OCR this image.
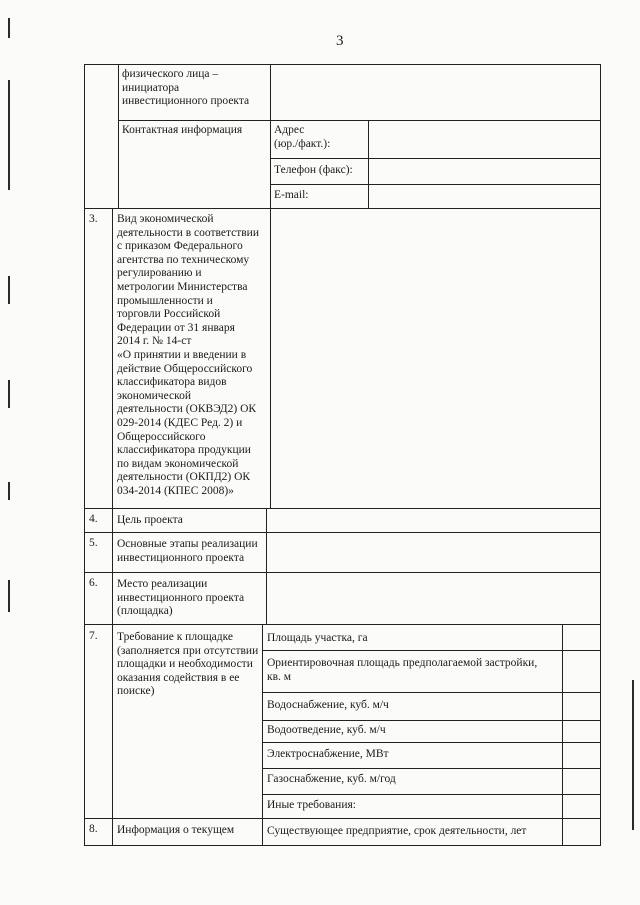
3
физического лица –
инициатора
инвестиционного проекта
Контактная информация	Адрес
(юр./факт.):
Телефон (факс):
E-mail:
3. Вид экономической
деятельности в соответствии
с приказом Федерального
агентства по техническому
регулированию и
метрологии Министерства
промышленности и
торговли Российской
Федерации от 31 января
2014 г. № 14-ст
«О принятии и введении в
действие Общероссийского
классификатора видов
экономической
деятельности (ОКВЭД2) ОК
029-2014 (КДЕС Ред. 2) и
Общероссийского
классификатора продукции
по видам экономической
деятельности (ОКПД2) ОК
034-2014 (КПЕС 2008)»
4. Цель проекта
5. Основные этапы реализации
инвестиционного проекта
6. Место реализации
инвестиционного проекта
(площадка)
7. Требование к площадке
(заполняется при отсутствии
площадки и необходимости
оказания содействия в ее
поиске)
Площадь участка, га
Ориентировочная площадь предполагаемой застройки,
кв. м
Водоснабжение, куб. м/ч
Водоотведение, куб. м/ч
Электроснабжение, МВт
Газоснабжение, куб. м/год
Иные требования:
8. Информация о текущем	Существующее предприятие, срок деятельности, лет
